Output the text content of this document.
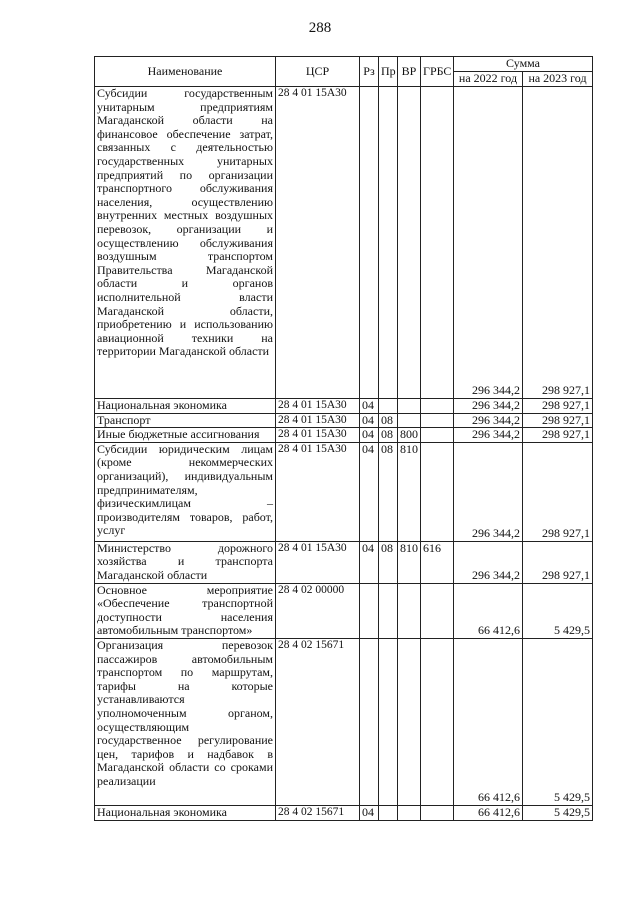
288
Наименование	ЦСР	Рз	Пр	ВР	ГРБС	Сумма	
						на 2022 год	на 2023 год
Субсидии государственным унитарным предприятиям Магаданской области на финансовое обеспечение затрат, связанных с деятельностью государственных унитарных предприятий по организации транспортного обслуживания населения, осуществлению внутренних местных воздушных перевозок, организации и осуществлению обслуживания воздушным транспортом Правительства Магаданской области и органов исполнительной власти Магаданской области, приобретению и использованию авиационной техники на территории Магаданской области	28 4 01 15А30					296 344,2	298 927,1
Национальная экономика	28 4 01 15А30	04				296 344,2	298 927,1
Транспорт	28 4 01 15А30	04	08			296 344,2	298 927,1
Иные бюджетные ассигнования	28 4 01 15А30	04	08	800		296 344,2	298 927,1
Субсидии юридическим лицам (кроме некоммерческих организаций), индивидуальным предпринимателям, физическимлицам – производителям товаров, работ, услуг	28 4 01 15А30	04	08	810		296 344,2	298 927,1
Министерство дорожного хозяйства и транспорта Магаданской области	28 4 01 15А30	04	08	810	616	296 344,2	298 927,1
Основное мероприятие «Обеспечение транспортной доступности населения автомобильным транспортом»	28 4 02 00000					66 412,6	5 429,5
Организация перевозок пассажиров автомобильным транспортом по маршрутам, тарифы на которые устанавливаются уполномоченным органом, осуществляющим государственное регулирование цен, тарифов и надбавок в Магаданской области со сроками реализации	28 4 02 15671					66 412,6	5 429,5
Национальная экономика	28 4 02 15671	04				66 412,6	5 429,5
